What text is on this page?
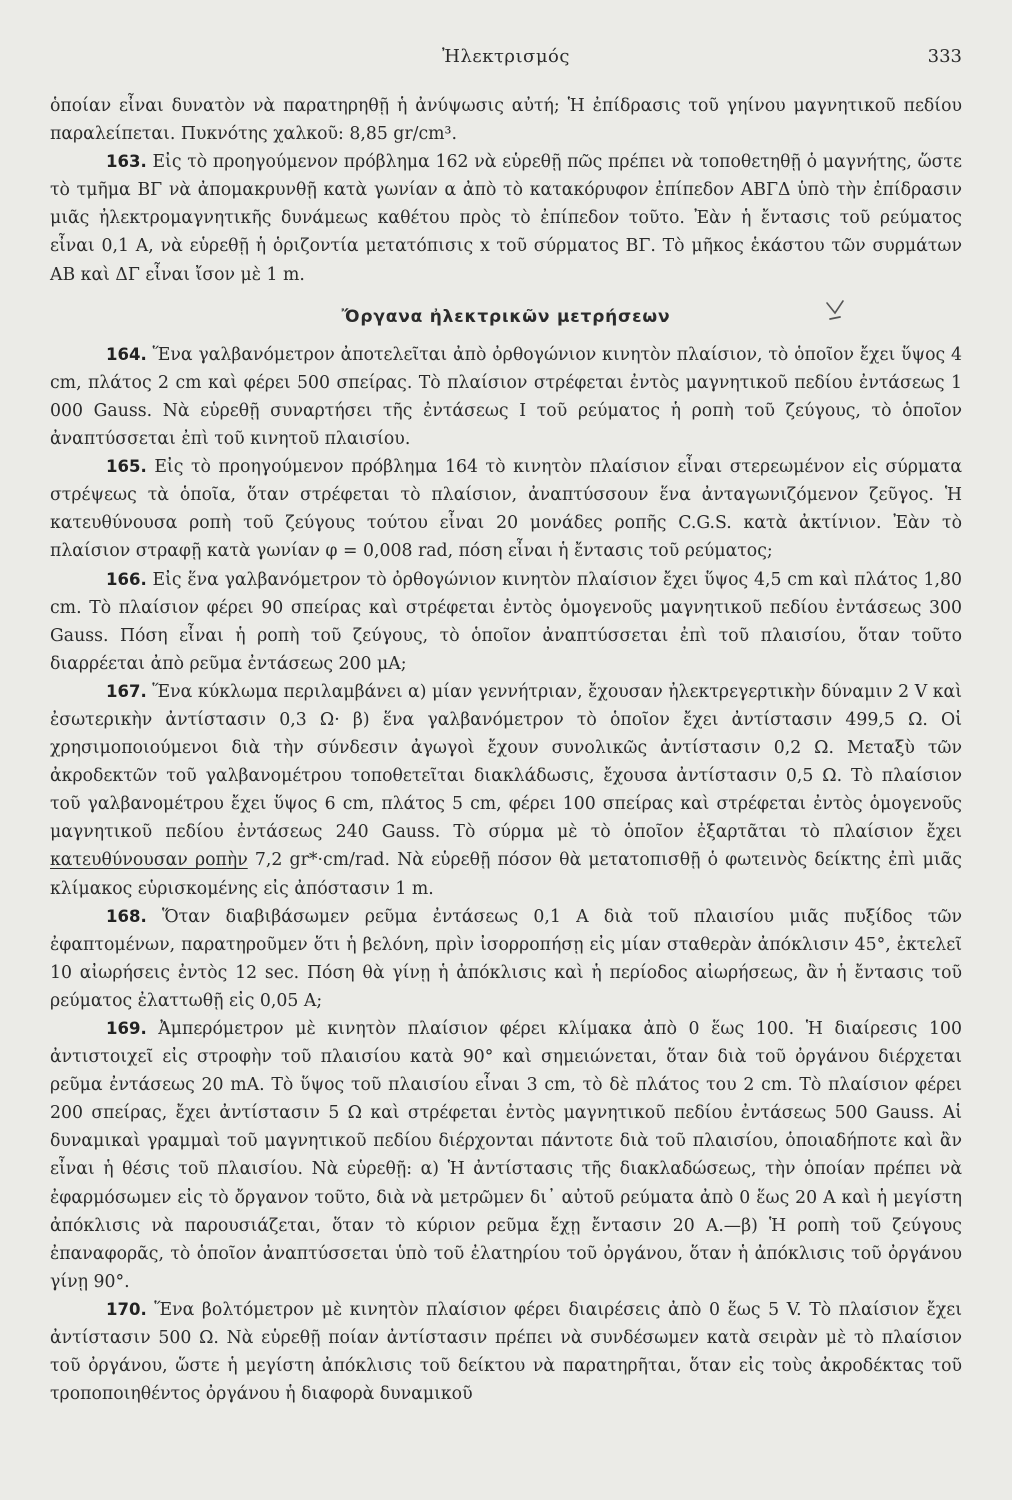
Ἠλεκτρισμός	333

ὁποίαν εἶναι δυνατὸν νὰ παρατηρηθῇ ἡ ἀνύψωσις αὐτή; Ἡ ἐπίδρασις τοῦ γηίνου μαγνητικοῦ πεδίου παραλείπεται. Πυκνότης χαλκοῦ: 8,85 gr/cm³.

163. Εἰς τὸ προηγούμενον πρόβλημα 162 νὰ εὑρεθῇ πῶς πρέπει νὰ τοποθετηθῇ ὁ μαγνήτης, ὥστε τὸ τμῆμα ΒΓ νὰ ἀπομακρυνθῇ κατὰ γωνίαν α ἀπὸ τὸ κατακόρυφον ἐπίπεδον ΑΒΓΔ ὑπὸ τὴν ἐπίδρασιν μιᾶς ἠλεκτρομαγνητικῆς δυνάμεως καθέτου πρὸς τὸ ἐπίπεδον τοῦτο. Ἐὰν ἡ ἔντασις τοῦ ρεύματος εἶναι 0,1 Α, νὰ εὑρεθῇ ἡ ὁριζοντία μετατόπισις x τοῦ σύρματος ΒΓ. Τὸ μῆκος ἑκάστου τῶν συρμάτων ΑΒ καὶ ΔΓ εἶναι ἴσον μὲ 1 m.

Ὄργανα ἠλεκτρικῶν μετρήσεων

164. Ἕνα γαλβανόμετρον ἀποτελεῖται ἀπὸ ὀρθογώνιον κινητὸν πλαίσιον, τὸ ὁποῖον ἔχει ὕψος 4 cm, πλάτος 2 cm καὶ φέρει 500 σπείρας. Τὸ πλαίσιον στρέφεται ἐντὸς μαγνητικοῦ πεδίου ἐντάσεως 1 000 Gauss. Νὰ εὑρεθῇ συναρτήσει τῆς ἐντάσεως Ι τοῦ ρεύματος ἡ ροπὴ τοῦ ζεύγους, τὸ ὁποῖον ἀναπτύσσεται ἐπὶ τοῦ κινητοῦ πλαισίου.

165. Εἰς τὸ προηγούμενον πρόβλημα 164 τὸ κινητὸν πλαίσιον εἶναι στερεωμένον εἰς σύρματα στρέψεως τὰ ὁποῖα, ὅταν στρέφεται τὸ πλαίσιον, ἀναπτύσσουν ἕνα ἀνταγωνιζόμενον ζεῦγος. Ἡ κατευθύνουσα ροπὴ τοῦ ζεύγους τούτου εἶναι 20 μονάδες ροπῆς C.G.S. κατὰ ἀκτίνιον. Ἐὰν τὸ πλαίσιον στραφῇ κατὰ γωνίαν φ = 0,008 rad, πόση εἶναι ἡ ἔντασις τοῦ ρεύματος;

166. Εἰς ἕνα γαλβανόμετρον τὸ ὀρθογώνιον κινητὸν πλαίσιον ἔχει ὕψος 4,5 cm καὶ πλάτος 1,80 cm. Τὸ πλαίσιον φέρει 90 σπείρας καὶ στρέφεται ἐντὸς ὁμογενοῦς μαγνητικοῦ πεδίου ἐντάσεως 300 Gauss. Πόση εἶναι ἡ ροπὴ τοῦ ζεύγους, τὸ ὁποῖον ἀναπτύσσεται ἐπὶ τοῦ πλαισίου, ὅταν τοῦτο διαρρέεται ἀπὸ ρεῦμα ἐντάσεως 200 μΑ;

167. Ἕνα κύκλωμα περιλαμβάνει α) μίαν γεννήτριαν, ἔχουσαν ἠλεκτρεγερτικὴν δύναμιν 2 V καὶ ἐσωτερικὴν ἀντίστασιν 0,3 Ω· β) ἕνα γαλβανόμετρον τὸ ὁποῖον ἔχει ἀντίστασιν 499,5 Ω. Οἱ χρησιμοποιούμενοι διὰ τὴν σύνδεσιν ἀγωγοὶ ἔχουν συνολικῶς ἀντίστασιν 0,2 Ω. Μεταξὺ τῶν ἀκροδεκτῶν τοῦ γαλβανομέτρου τοποθετεῖται διακλάδωσις, ἔχουσα ἀντίστασιν 0,5 Ω. Τὸ πλαίσιον τοῦ γαλβανομέτρου ἔχει ὕψος 6 cm, πλάτος 5 cm, φέρει 100 σπείρας καὶ στρέφεται ἐντὸς ὁμογενοῦς μαγνητικοῦ πεδίου ἐντάσεως 240 Gauss. Τὸ σύρμα μὲ τὸ ὁποῖον ἐξαρτᾶται τὸ πλαίσιον ἔχει κατευθύνουσαν ροπὴν 7,2 gr*·cm/rad. Νὰ εὑρεθῇ πόσον θὰ μετατοπισθῇ ὁ φωτεινὸς δείκτης ἐπὶ μιᾶς κλίμακος εὑρισκομένης εἰς ἀπόστασιν 1 m.

168. Ὅταν διαβιβάσωμεν ρεῦμα ἐντάσεως 0,1 Α διὰ τοῦ πλαισίου μιᾶς πυξίδος τῶν ἐφαπτομένων, παρατηροῦμεν ὅτι ἡ βελόνη, πρὶν ἰσορροπήσῃ εἰς μίαν σταθερὰν ἀπόκλισιν 45°, ἐκτελεῖ 10 αἰωρήσεις ἐντὸς 12 sec. Πόση θὰ γίνῃ ἡ ἀπόκλισις καὶ ἡ περίοδος αἰωρήσεως, ἂν ἡ ἔντασις τοῦ ρεύματος ἐλαττωθῇ εἰς 0,05 Α;

169. Ἀμπερόμετρον μὲ κινητὸν πλαίσιον φέρει κλίμακα ἀπὸ 0 ἕως 100. Ἡ διαίρεσις 100 ἀντιστοιχεῖ εἰς στροφὴν τοῦ πλαισίου κατὰ 90° καὶ σημειώνεται, ὅταν διὰ τοῦ ὀργάνου διέρχεται ρεῦμα ἐντάσεως 20 mA. Τὸ ὕψος τοῦ πλαισίου εἶναι 3 cm, τὸ δὲ πλάτος του 2 cm. Τὸ πλαίσιον φέρει 200 σπείρας, ἔχει ἀντίστασιν 5 Ω καὶ στρέφεται ἐντὸς μαγνητικοῦ πεδίου ἐντάσεως 500 Gauss. Αἱ δυναμικαὶ γραμμαὶ τοῦ μαγνητικοῦ πεδίου διέρχονται πάντοτε διὰ τοῦ πλαισίου, ὁποιαδήποτε καὶ ἂν εἶναι ἡ θέσις τοῦ πλαισίου. Νὰ εὑρεθῇ: α) Ἡ ἀντίστασις τῆς διακλαδώσεως, τὴν ὁποίαν πρέπει νὰ ἐφαρμόσωμεν εἰς τὸ ὄργανον τοῦτο, διὰ νὰ μετρῶμεν δι᾽ αὐτοῦ ρεύματα ἀπὸ 0 ἕως 20 Α καὶ ἡ μεγίστη ἀπόκλισις νὰ παρουσιάζεται, ὅταν τὸ κύριον ρεῦμα ἔχῃ ἔντασιν 20 Α.—β) Ἡ ροπὴ τοῦ ζεύγους ἐπαναφορᾶς, τὸ ὁποῖον ἀναπτύσσεται ὑπὸ τοῦ ἐλατηρίου τοῦ ὀργάνου, ὅταν ἡ ἀπόκλισις τοῦ ὀργάνου γίνῃ 90°.

170. Ἕνα βολτόμετρον μὲ κινητὸν πλαίσιον φέρει διαιρέσεις ἀπὸ 0 ἕως 5 V. Τὸ πλαίσιον ἔχει ἀντίστασιν 500 Ω. Νὰ εὑρεθῇ ποίαν ἀντίστασιν πρέπει νὰ συνδέσωμεν κατὰ σειρὰν μὲ τὸ πλαίσιον τοῦ ὀργάνου, ὥστε ἡ μεγίστη ἀπόκλισις τοῦ δείκτου νὰ παρατηρῆται, ὅταν εἰς τοὺς ἀκροδέκτας τοῦ τροποποιηθέντος ὀργάνου ἡ διαφορὰ δυναμικοῦ
